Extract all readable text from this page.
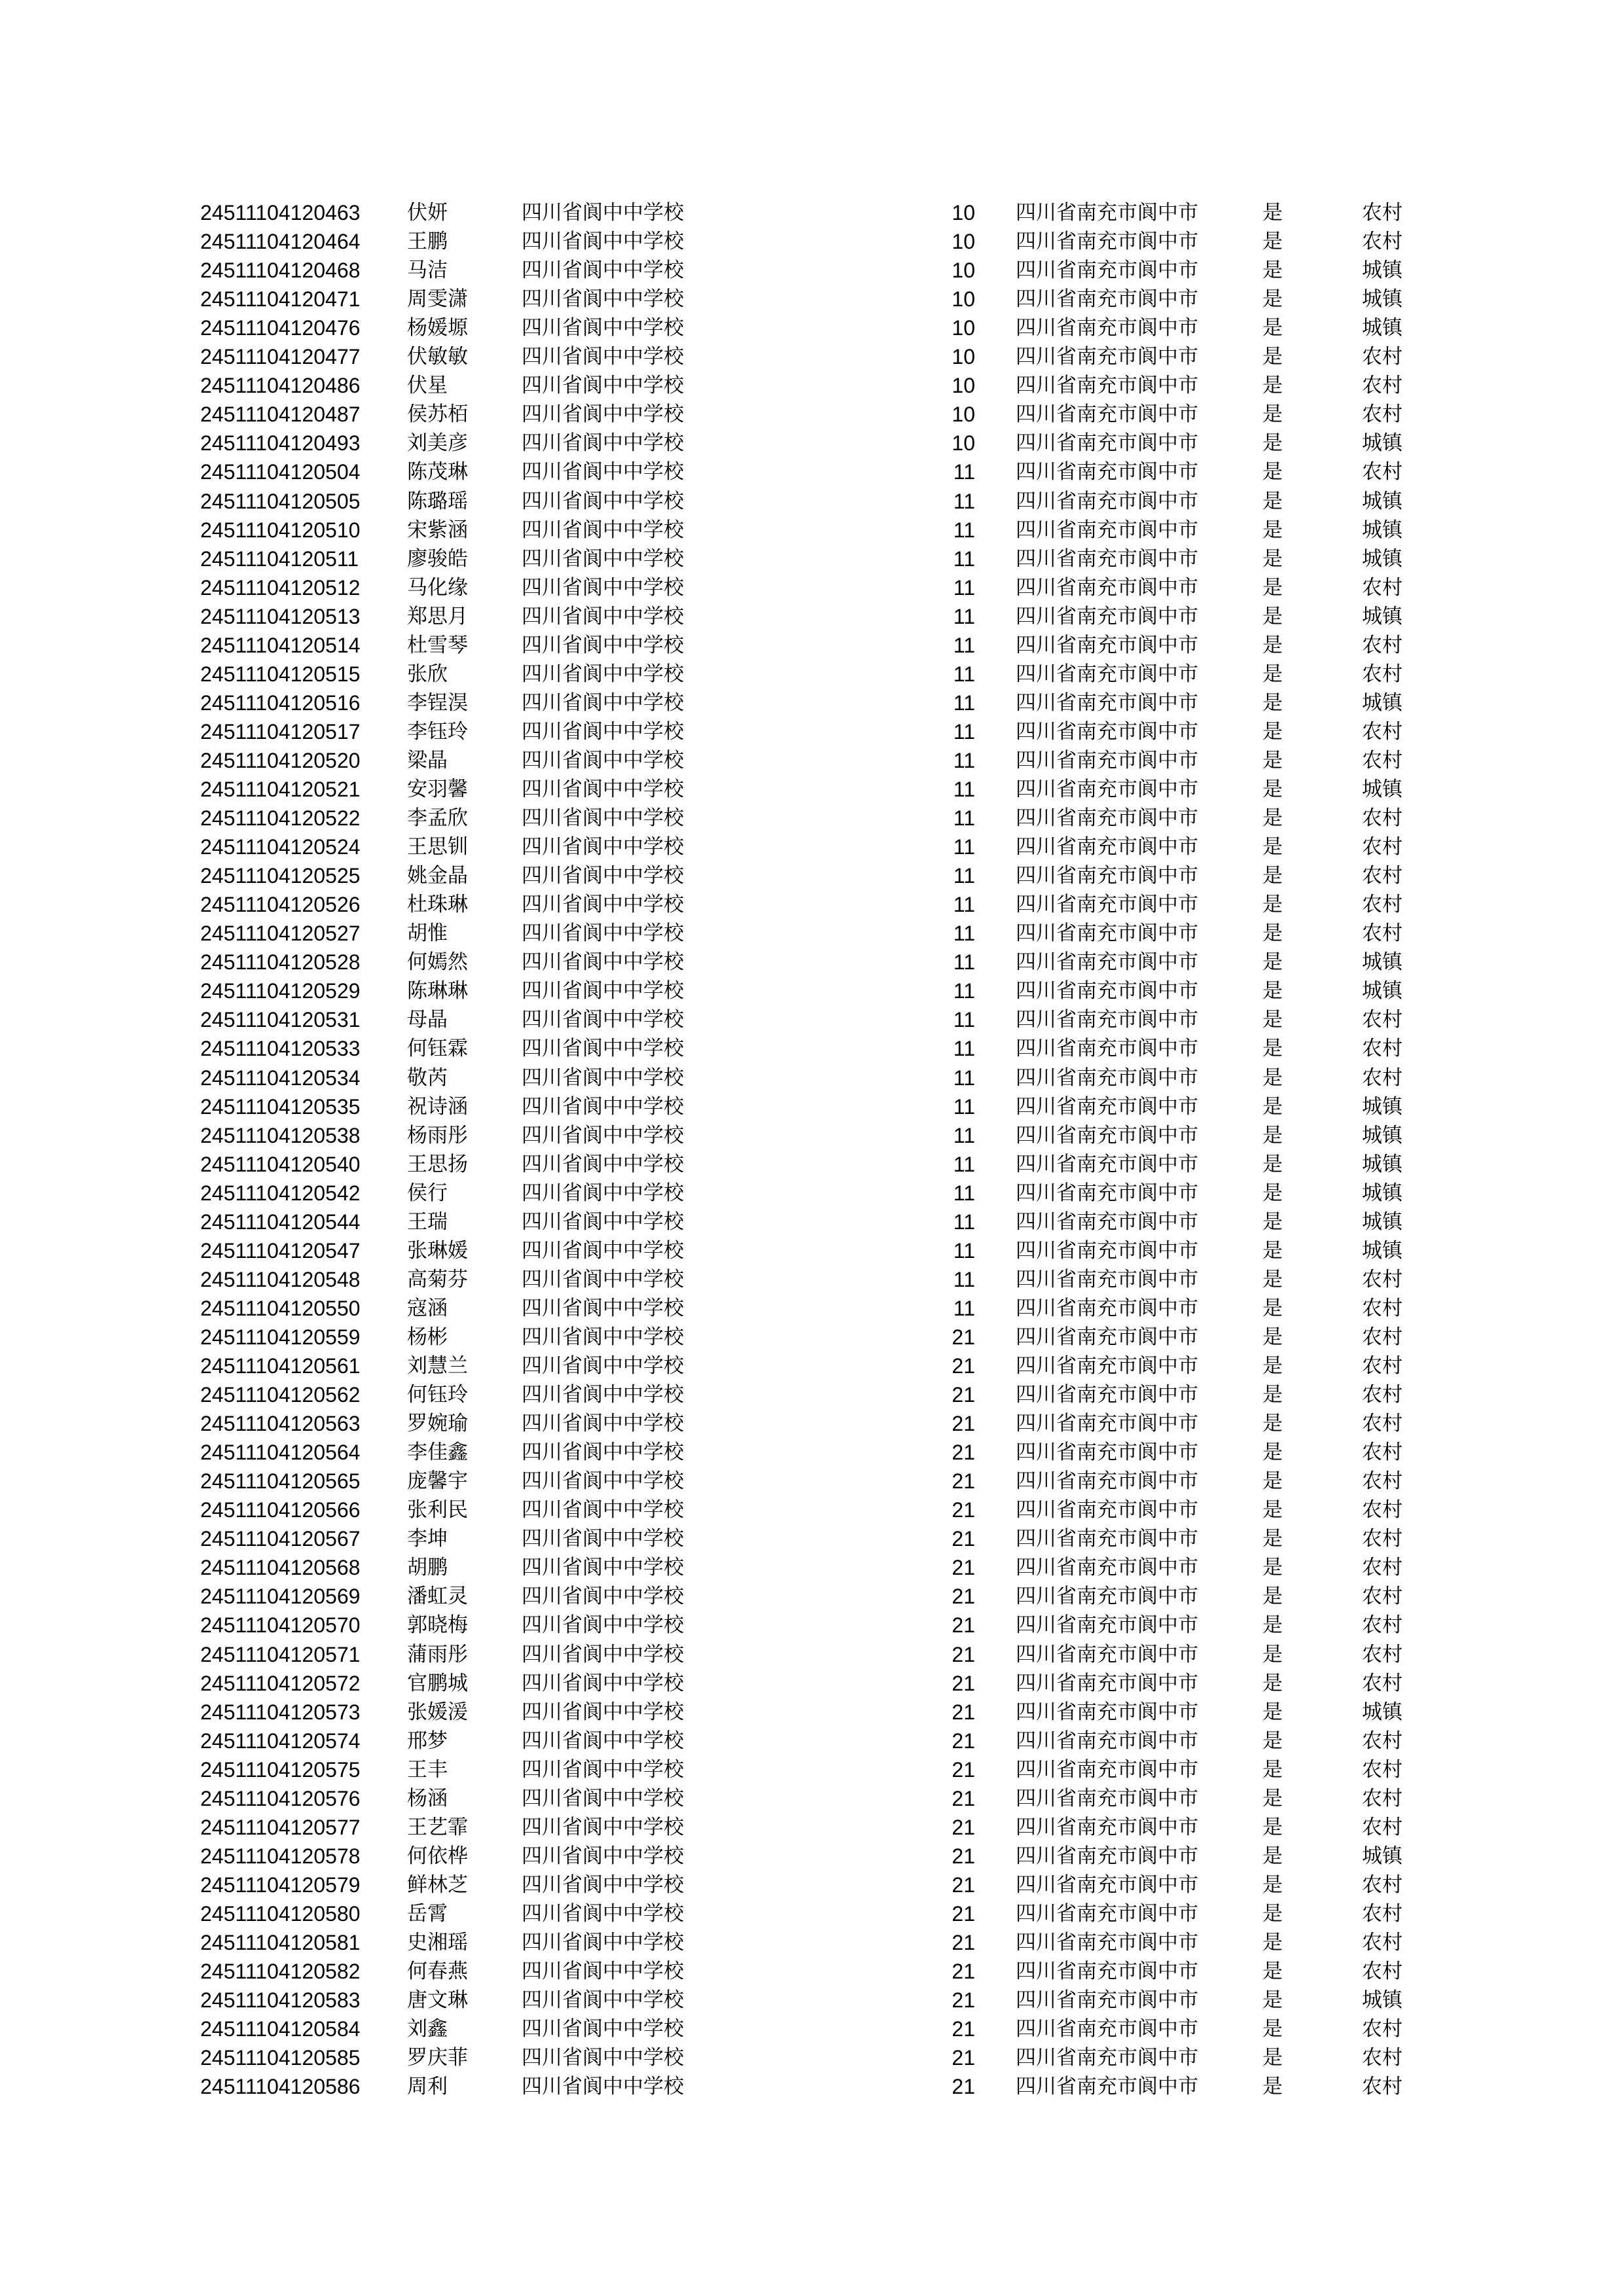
24511104120463 伏妍	四川省阆中中学校	10 四川省南充市阆中市	是	农村
24511104120464 王鹏	四川省阆中中学校	10 四川省南充市阆中市	是	农村
24511104120468 马洁	四川省阆中中学校	10 四川省南充市阆中市	是	城镇
24511104120471 周雯潇	四川省阆中中学校	10 四川省南充市阆中市	是	城镇
24511104120476 杨媛塬	四川省阆中中学校	10 四川省南充市阆中市	是	城镇
24511104120477 伏敏敏	四川省阆中中学校	10 四川省南充市阆中市	是	农村
24511104120486 伏星	四川省阆中中学校	10 四川省南充市阆中市	是	农村
24511104120487 侯苏栢	四川省阆中中学校	10 四川省南充市阆中市	是	农村
24511104120493 刘美彦	四川省阆中中学校	10 四川省南充市阆中市	是	城镇
24511104120504 陈茂琳	四川省阆中中学校	11 四川省南充市阆中市	是	农村
24511104120505 陈璐瑶	四川省阆中中学校	11 四川省南充市阆中市	是	城镇
24511104120510 宋紫涵	四川省阆中中学校	11 四川省南充市阆中市	是	城镇
24511104120511 廖骏皓	四川省阆中中学校	11 四川省南充市阆中市	是	城镇
24511104120512 马化缘	四川省阆中中学校	11 四川省南充市阆中市	是	农村
24511104120513 郑思月	四川省阆中中学校	11 四川省南充市阆中市	是	城镇
24511104120514 杜雪琴	四川省阆中中学校	11 四川省南充市阆中市	是	农村
24511104120515 张欣	四川省阆中中学校	11 四川省南充市阆中市	是	农村
24511104120516 李锃淏	四川省阆中中学校	11 四川省南充市阆中市	是	城镇
24511104120517 李钰玲	四川省阆中中学校	11 四川省南充市阆中市	是	农村
24511104120520 梁晶	四川省阆中中学校	11 四川省南充市阆中市	是	农村
24511104120521 安羽馨	四川省阆中中学校	11 四川省南充市阆中市	是	城镇
24511104120522 李孟欣	四川省阆中中学校	11 四川省南充市阆中市	是	农村
24511104120524 王思钏	四川省阆中中学校	11 四川省南充市阆中市	是	农村
24511104120525 姚金晶	四川省阆中中学校	11 四川省南充市阆中市	是	农村
24511104120526 杜珠琳	四川省阆中中学校	11 四川省南充市阆中市	是	农村
24511104120527 胡惟	四川省阆中中学校	11 四川省南充市阆中市	是	农村
24511104120528 何嫣然	四川省阆中中学校	11 四川省南充市阆中市	是	城镇
24511104120529 陈琳琳	四川省阆中中学校	11 四川省南充市阆中市	是	城镇
24511104120531 母晶	四川省阆中中学校	11 四川省南充市阆中市	是	农村
24511104120533 何钰霖	四川省阆中中学校	11 四川省南充市阆中市	是	农村
24511104120534 敬芮	四川省阆中中学校	11 四川省南充市阆中市	是	农村
24511104120535 祝诗涵	四川省阆中中学校	11 四川省南充市阆中市	是	城镇
24511104120538 杨雨彤	四川省阆中中学校	11 四川省南充市阆中市	是	城镇
24511104120540 王思扬	四川省阆中中学校	11 四川省南充市阆中市	是	城镇
24511104120542 侯行	四川省阆中中学校	11 四川省南充市阆中市	是	城镇
24511104120544 王瑞	四川省阆中中学校	11 四川省南充市阆中市	是	城镇
24511104120547 张琳媛	四川省阆中中学校	11 四川省南充市阆中市	是	城镇
24511104120548 高菊芬	四川省阆中中学校	11 四川省南充市阆中市	是	农村
24511104120550 寇涵	四川省阆中中学校	11 四川省南充市阆中市	是	农村
24511104120559 杨彬	四川省阆中中学校	21 四川省南充市阆中市	是	农村
24511104120561 刘慧兰	四川省阆中中学校	21 四川省南充市阆中市	是	农村
24511104120562 何钰玲	四川省阆中中学校	21 四川省南充市阆中市	是	农村
24511104120563 罗婉瑜	四川省阆中中学校	21 四川省南充市阆中市	是	农村
24511104120564 李佳鑫	四川省阆中中学校	21 四川省南充市阆中市	是	农村
24511104120565 庞馨宇	四川省阆中中学校	21 四川省南充市阆中市	是	农村
24511104120566 张利民	四川省阆中中学校	21 四川省南充市阆中市	是	农村
24511104120567 李坤	四川省阆中中学校	21 四川省南充市阆中市	是	农村
24511104120568 胡鹏	四川省阆中中学校	21 四川省南充市阆中市	是	农村
24511104120569 潘虹灵	四川省阆中中学校	21 四川省南充市阆中市	是	农村
24511104120570 郭晓梅	四川省阆中中学校	21 四川省南充市阆中市	是	农村
24511104120571 蒲雨彤	四川省阆中中学校	21 四川省南充市阆中市	是	农村
24511104120572 官鹏城	四川省阆中中学校	21 四川省南充市阆中市	是	农村
24511104120573 张媛湲	四川省阆中中学校	21 四川省南充市阆中市	是	城镇
24511104120574 邢梦	四川省阆中中学校	21 四川省南充市阆中市	是	农村
24511104120575 王丰	四川省阆中中学校	21 四川省南充市阆中市	是	农村
24511104120576 杨涵	四川省阆中中学校	21 四川省南充市阆中市	是	农村
24511104120577 王艺霏	四川省阆中中学校	21 四川省南充市阆中市	是	农村
24511104120578 何依桦	四川省阆中中学校	21 四川省南充市阆中市	是	城镇
24511104120579 鲜林芝	四川省阆中中学校	21 四川省南充市阆中市	是	农村
24511104120580 岳霄	四川省阆中中学校	21 四川省南充市阆中市	是	农村
24511104120581 史湘瑶	四川省阆中中学校	21 四川省南充市阆中市	是	农村
24511104120582 何春燕	四川省阆中中学校	21 四川省南充市阆中市	是	农村
24511104120583 唐文琳	四川省阆中中学校	21 四川省南充市阆中市	是	城镇
24511104120584 刘鑫	四川省阆中中学校	21 四川省南充市阆中市	是	农村
24511104120585 罗庆菲	四川省阆中中学校	21 四川省南充市阆中市	是	农村
24511104120586 周利	四川省阆中中学校	21 四川省南充市阆中市	是	农村
